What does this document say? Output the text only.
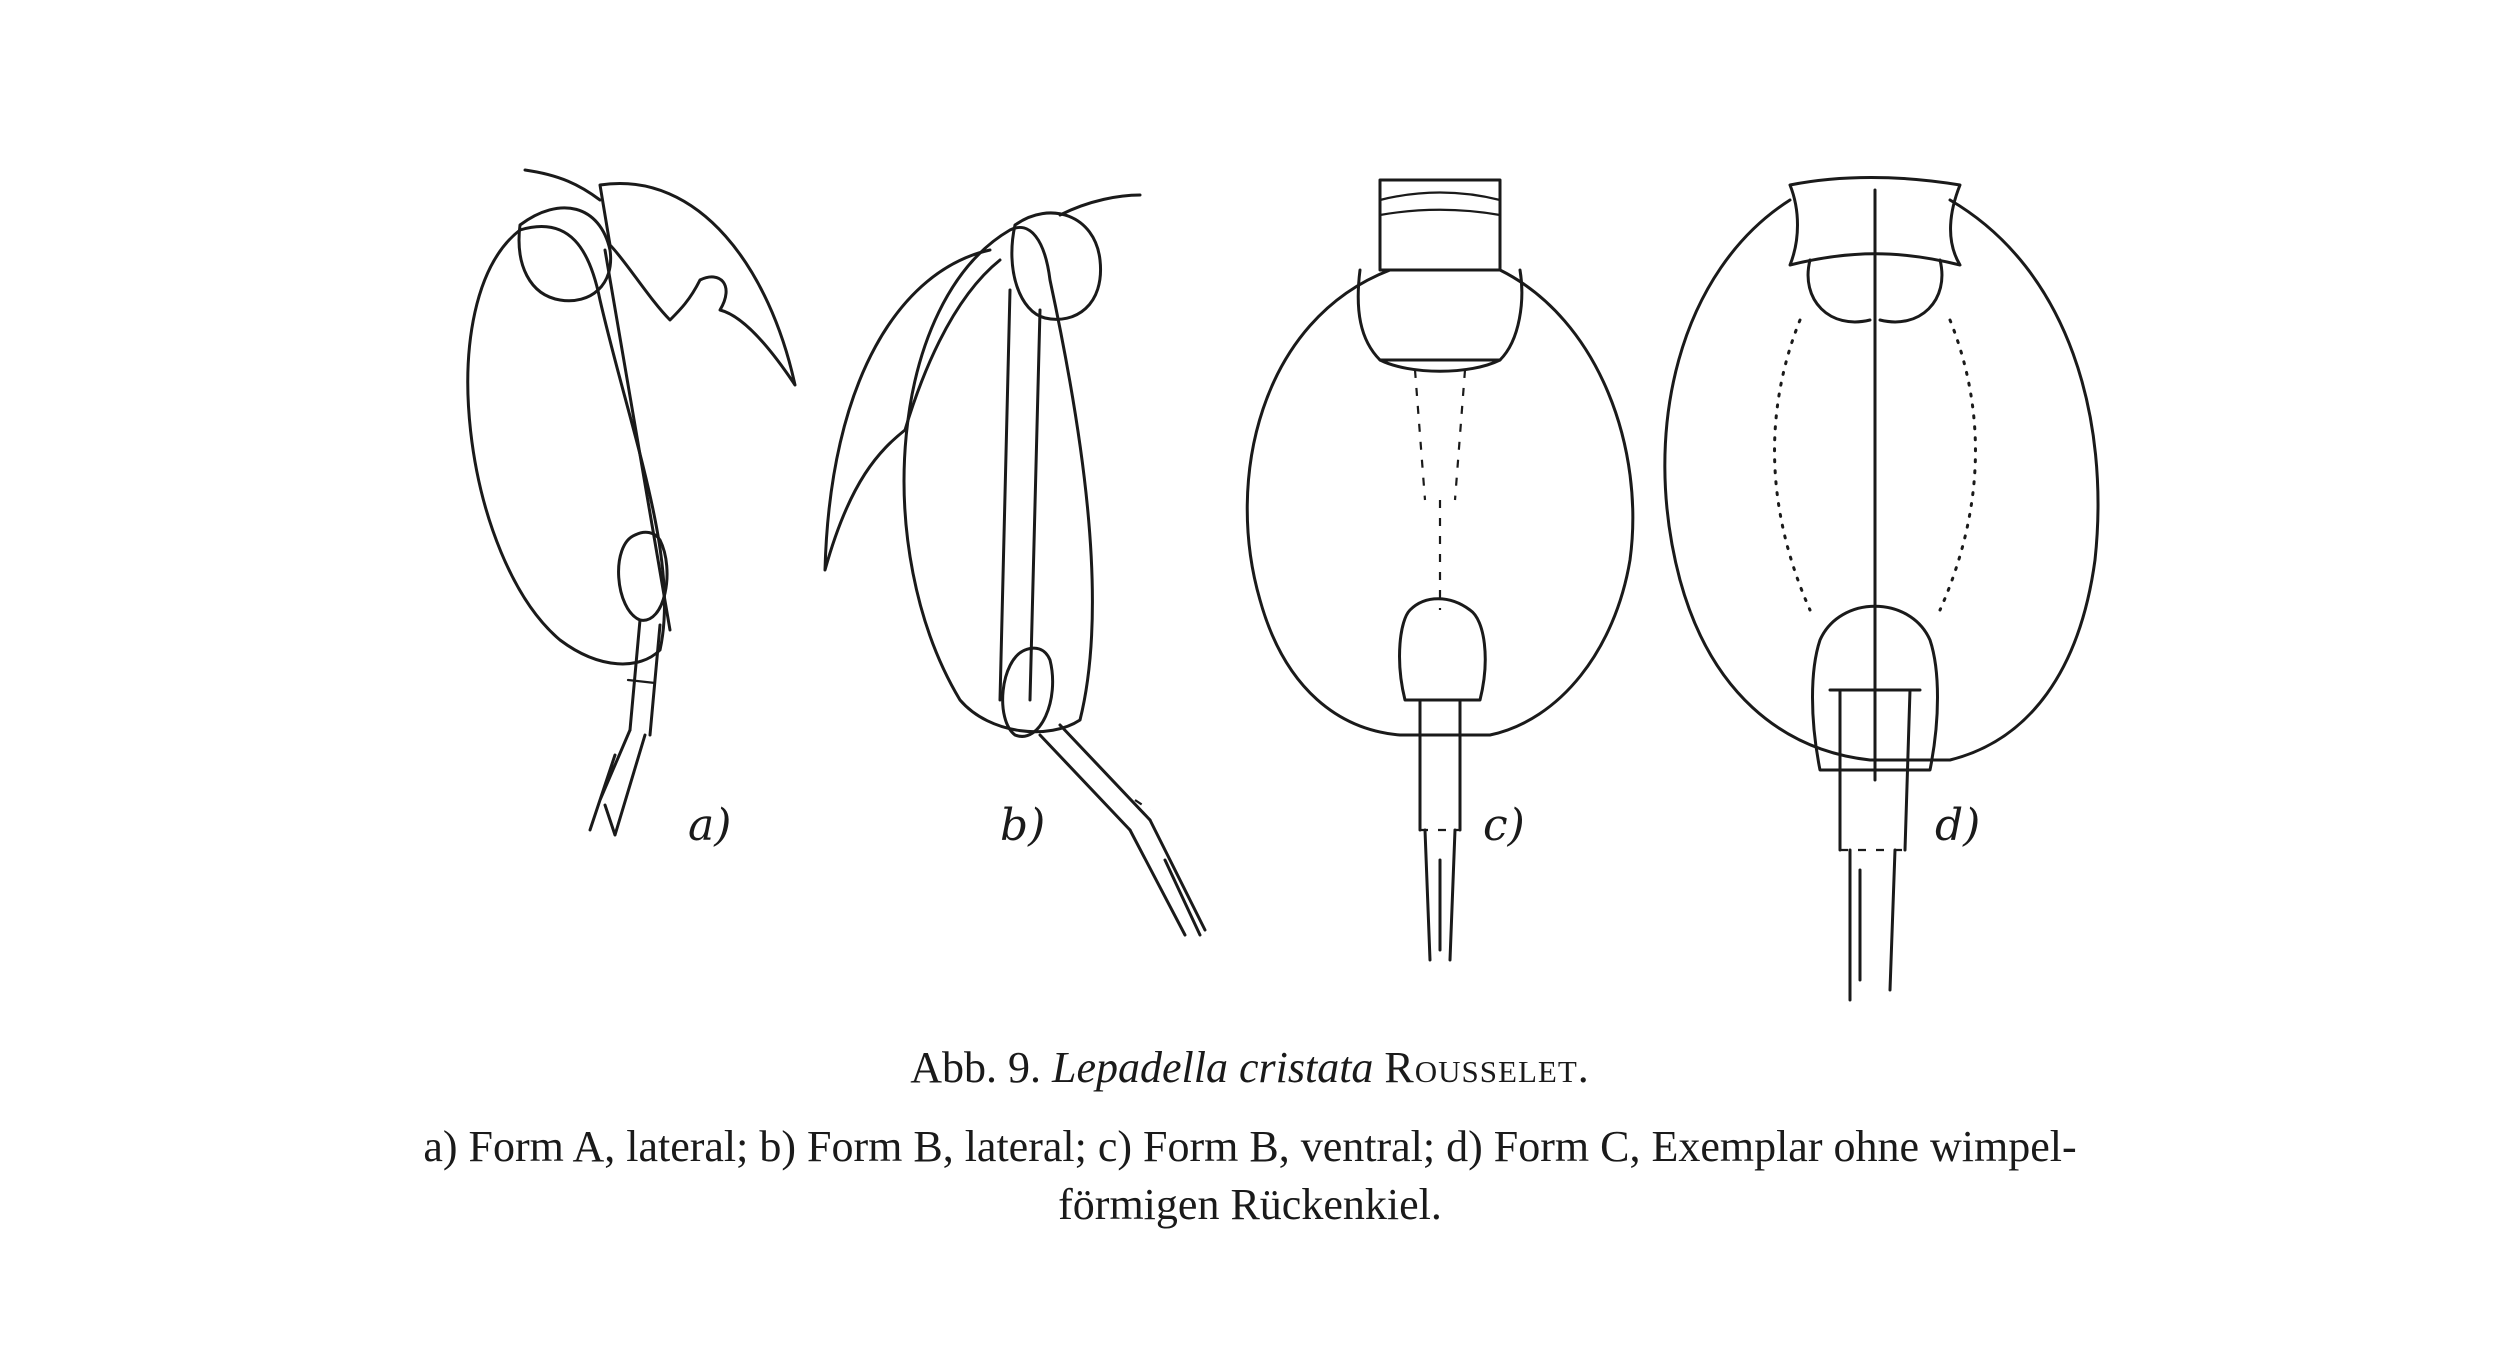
a)	b)	c)	d)
Abb. 9. Lepadella cristata Rousselet.
a) Form A, lateral; b) Form B, lateral; c) Form B, ventral; d) Form C, Exemplar ohne wimpel-
förmigen Rückenkiel.
